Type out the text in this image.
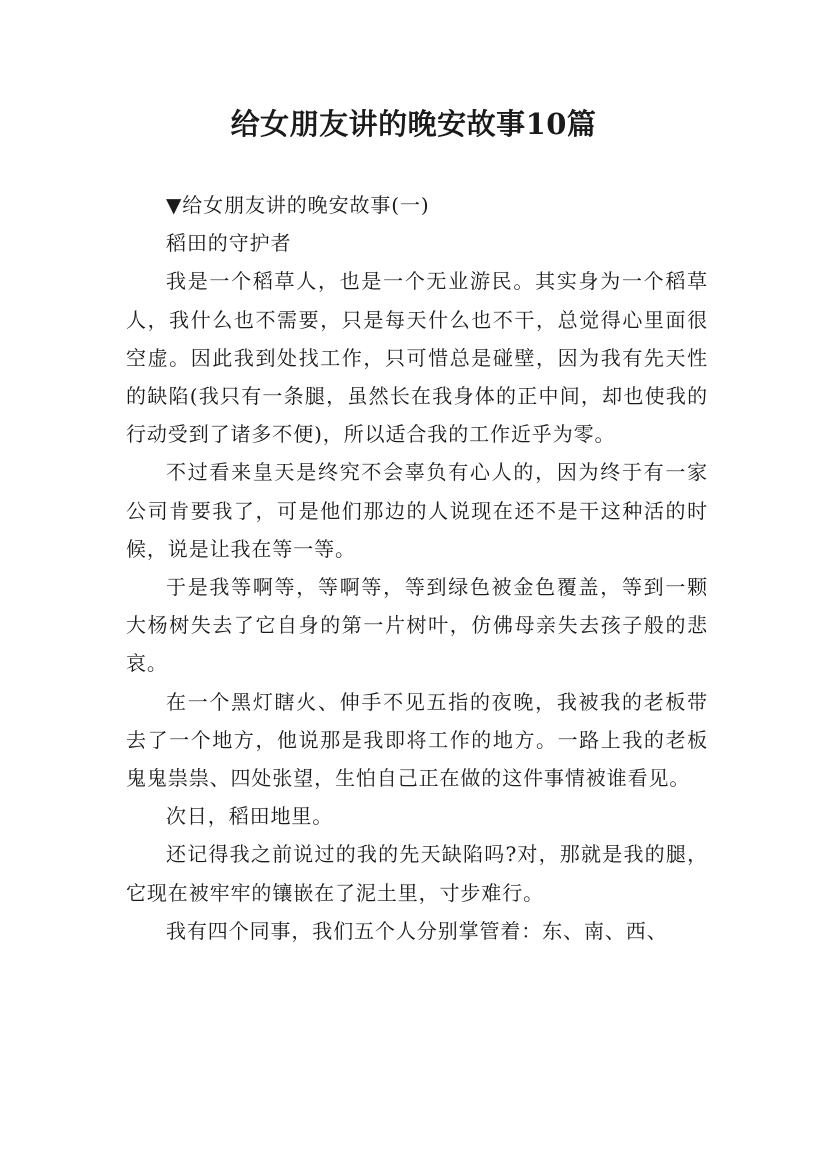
给女朋友讲的晚安故事10篇

▼给女朋友讲的晚安故事(一)

稻田的守护者

我是一个稻草人，也是一个无业游民。其实身为一个稻草人，我什么也不需要，只是每天什么也不干，总觉得心里面很空虚。因此我到处找工作，只可惜总是碰壁，因为我有先天性的缺陷(我只有一条腿，虽然长在我身体的正中间，却也使我的行动受到了诸多不便)，所以适合我的工作近乎为零。

不过看来皇天是终究不会辜负有心人的，因为终于有一家公司肯要我了，可是他们那边的人说现在还不是干这种活的时候，说是让我在等一等。

于是我等啊等，等啊等，等到绿色被金色覆盖，等到一颗大杨树失去了它自身的第一片树叶，仿佛母亲失去孩子般的悲哀。

在一个黑灯瞎火、伸手不见五指的夜晚，我被我的老板带去了一个地方，他说那是我即将工作的地方。一路上我的老板鬼鬼祟祟、四处张望，生怕自己正在做的这件事情被谁看见。

次日，稻田地里。

还记得我之前说过的我的先天缺陷吗?对，那就是我的腿，它现在被牢牢的镶嵌在了泥土里，寸步难行。

我有四个同事，我们五个人分别掌管着：东、南、西、
